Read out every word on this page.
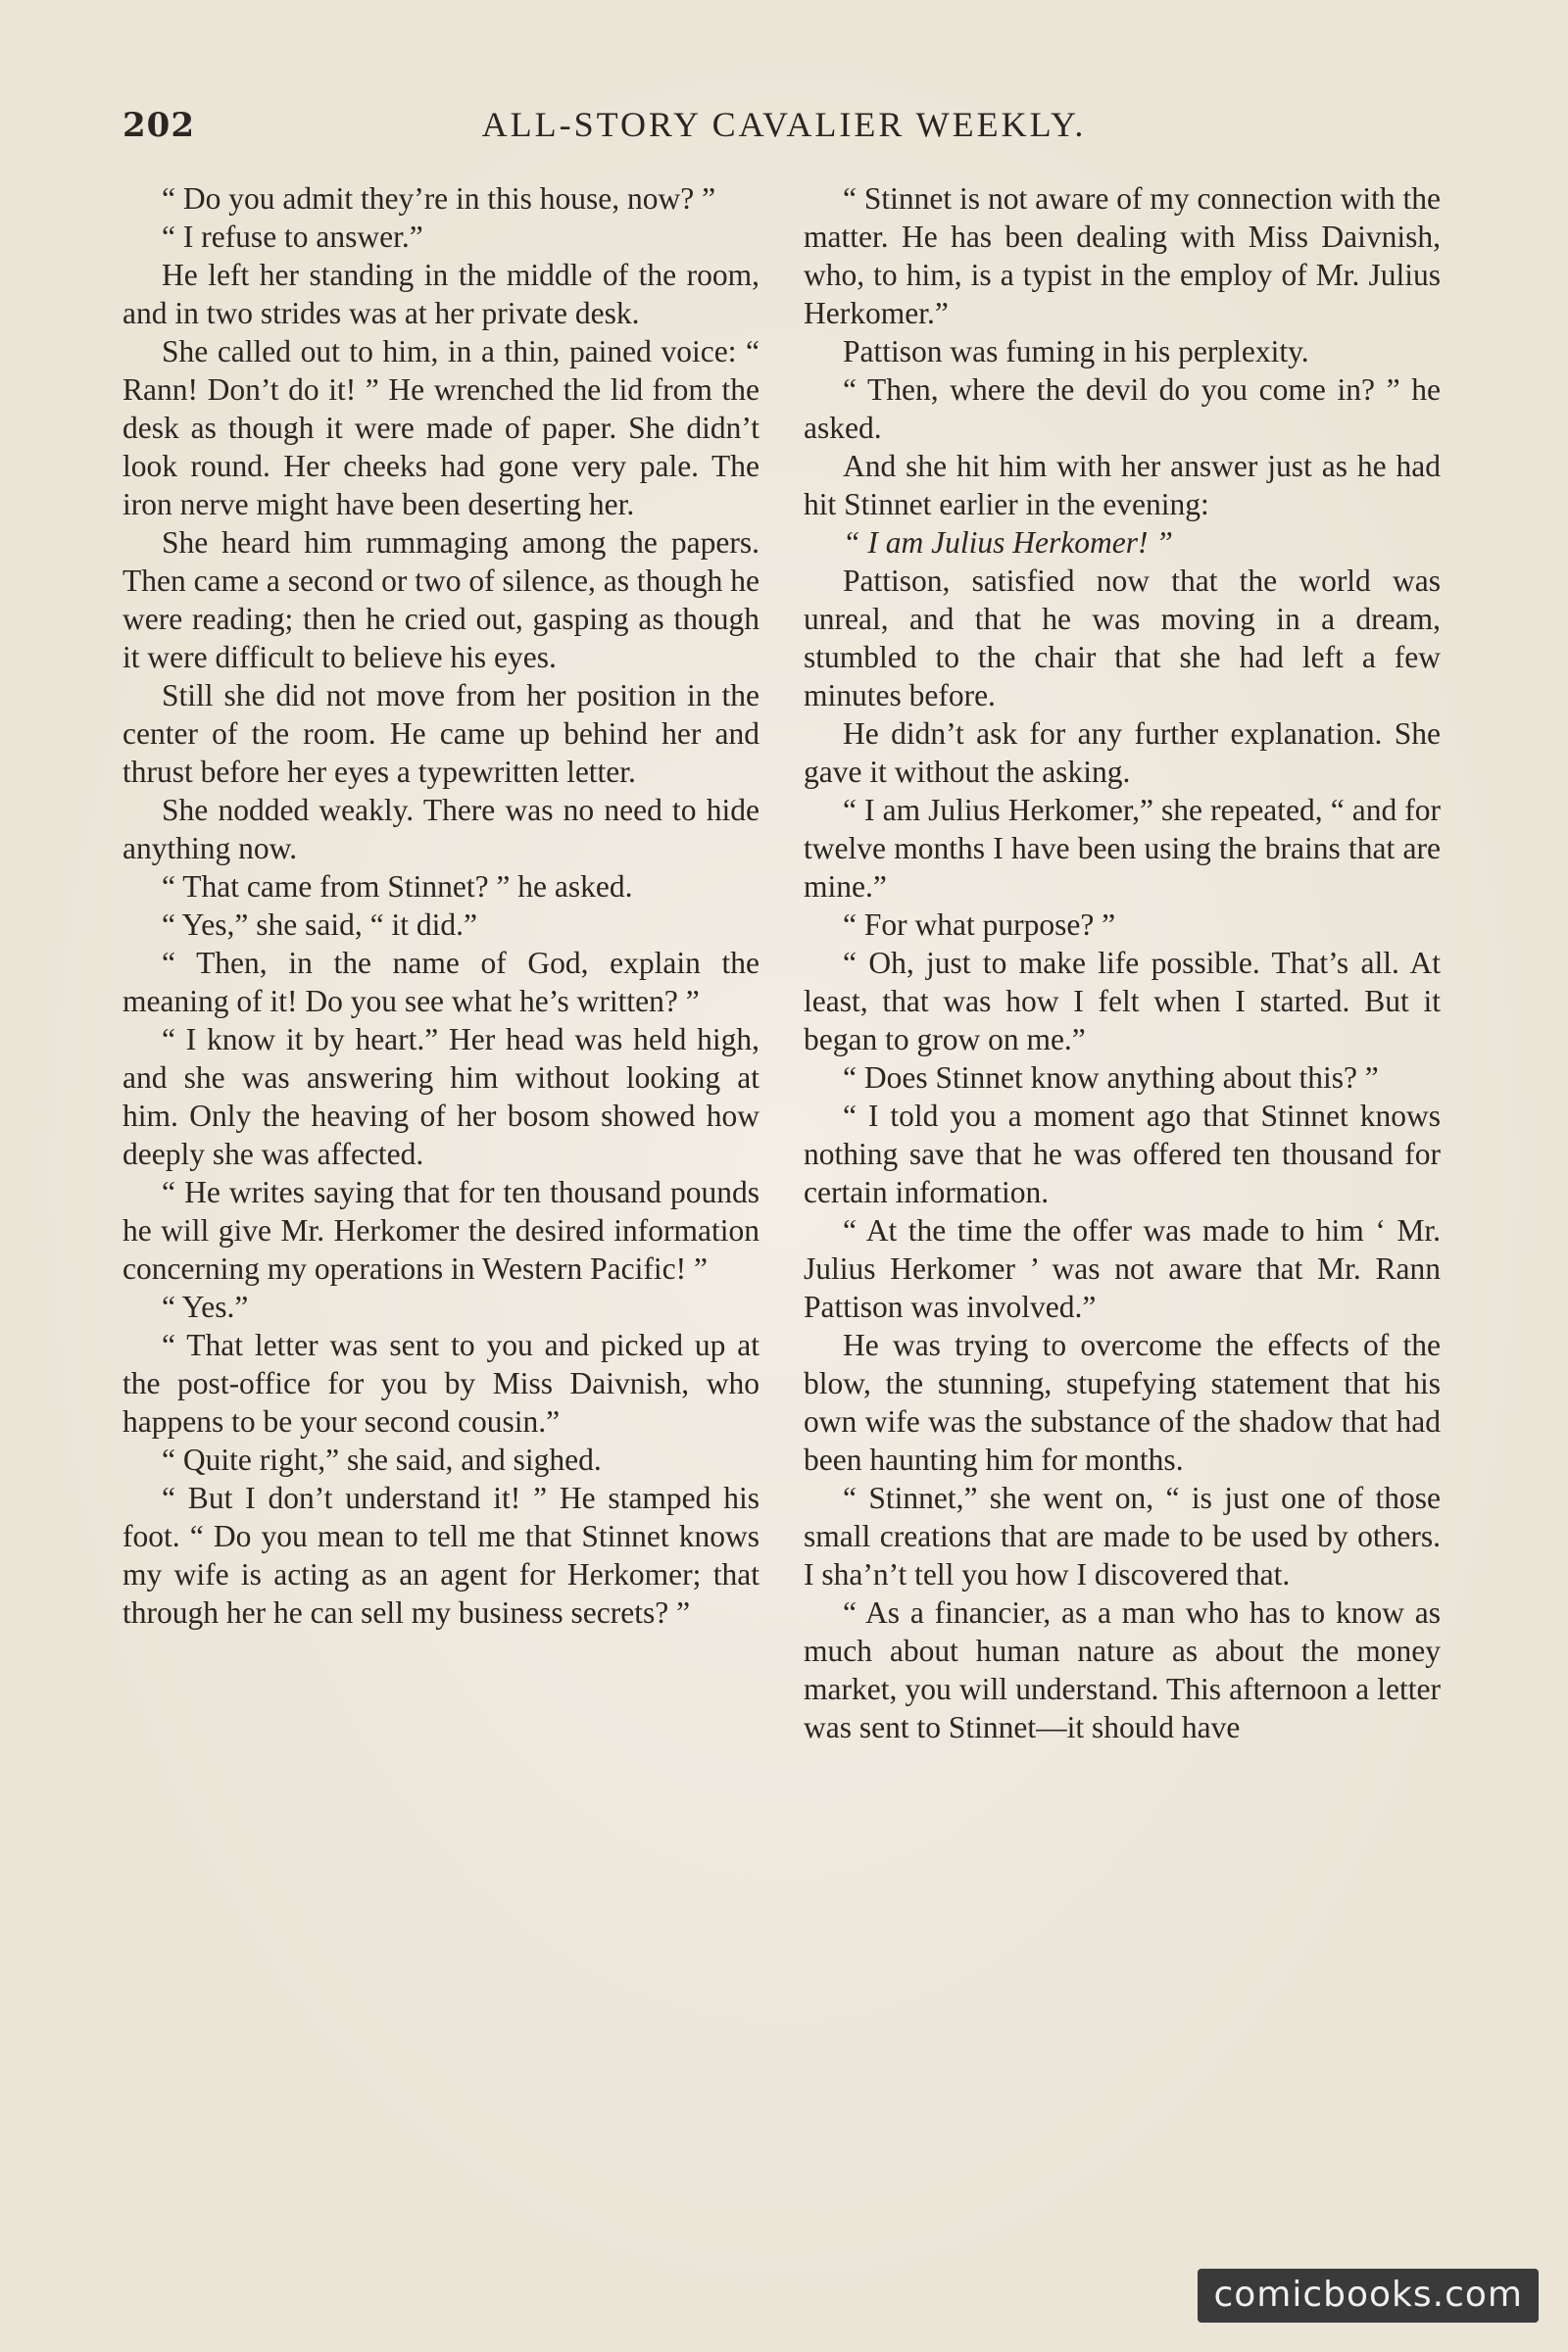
202	ALL-STORY CAVALIER WEEKLY.

“ Do you admit they’re in this house, now? ”

“ I refuse to answer.”

He left her standing in the middle of the room, and in two strides was at her private desk.

She called out to him, in a thin, pained voice: “ Rann! Don’t do it! ” He wrenched the lid from the desk as though it were made of paper. She didn’t look round. Her cheeks had gone very pale. The iron nerve might have been deserting her.

She heard him rummaging among the papers. Then came a second or two of silence, as though he were reading; then he cried out, gasping as though it were difficult to believe his eyes.

Still she did not move from her position in the center of the room. He came up behind her and thrust before her eyes a typewritten letter.

She nodded weakly. There was no need to hide anything now.

“ That came from Stinnet? ” he asked.

“ Yes,” she said, “ it did.”

“ Then, in the name of God, explain the meaning of it! Do you see what he’s written? ”

“ I know it by heart.” Her head was held high, and she was answering him without looking at him. Only the heaving of her bosom showed how deeply she was affected.

“ He writes saying that for ten thousand pounds he will give Mr. Herkomer the desired information concerning my operations in Western Pacific! ”

“ Yes.”

“ That letter was sent to you and picked up at the post-office for you by Miss Daivnish, who happens to be your second cousin.”

“ Quite right,” she said, and sighed.

“ But I don’t understand it! ” He stamped his foot. “ Do you mean to tell me that Stinnet knows my wife is acting as an agent for Herkomer; that through her he can sell my business secrets? ”

“ Stinnet is not aware of my connection with the matter. He has been dealing with Miss Daivnish, who, to him, is a typist in the employ of Mr. Julius Herkomer.”

Pattison was fuming in his perplexity.

“ Then, where the devil do you come in? ” he asked.

And she hit him with her answer just as he had hit Stinnet earlier in the evening:

“ I am Julius Herkomer! ”

Pattison, satisfied now that the world was unreal, and that he was moving in a dream, stumbled to the chair that she had left a few minutes before.

He didn’t ask for any further explanation. She gave it without the asking.

“ I am Julius Herkomer,” she repeated, “ and for twelve months I have been using the brains that are mine.”

“ For what purpose? ”

“ Oh, just to make life possible. That’s all. At least, that was how I felt when I started. But it began to grow on me.”

“ Does Stinnet know anything about this? ”

“ I told you a moment ago that Stinnet knows nothing save that he was offered ten thousand for certain information.

“ At the time the offer was made to him ‘ Mr. Julius Herkomer ’ was not aware that Mr. Rann Pattison was involved.”

He was trying to overcome the effects of the blow, the stunning, stupefying statement that his own wife was the substance of the shadow that had been haunting him for months.

“ Stinnet,” she went on, “ is just one of those small creations that are made to be used by others. I sha’n’t tell you how I discovered that.

“ As a financier, as a man who has to know as much about human nature as about the money market, you will understand. This afternoon a letter was sent to Stinnet—it should have

comicbooks.com
